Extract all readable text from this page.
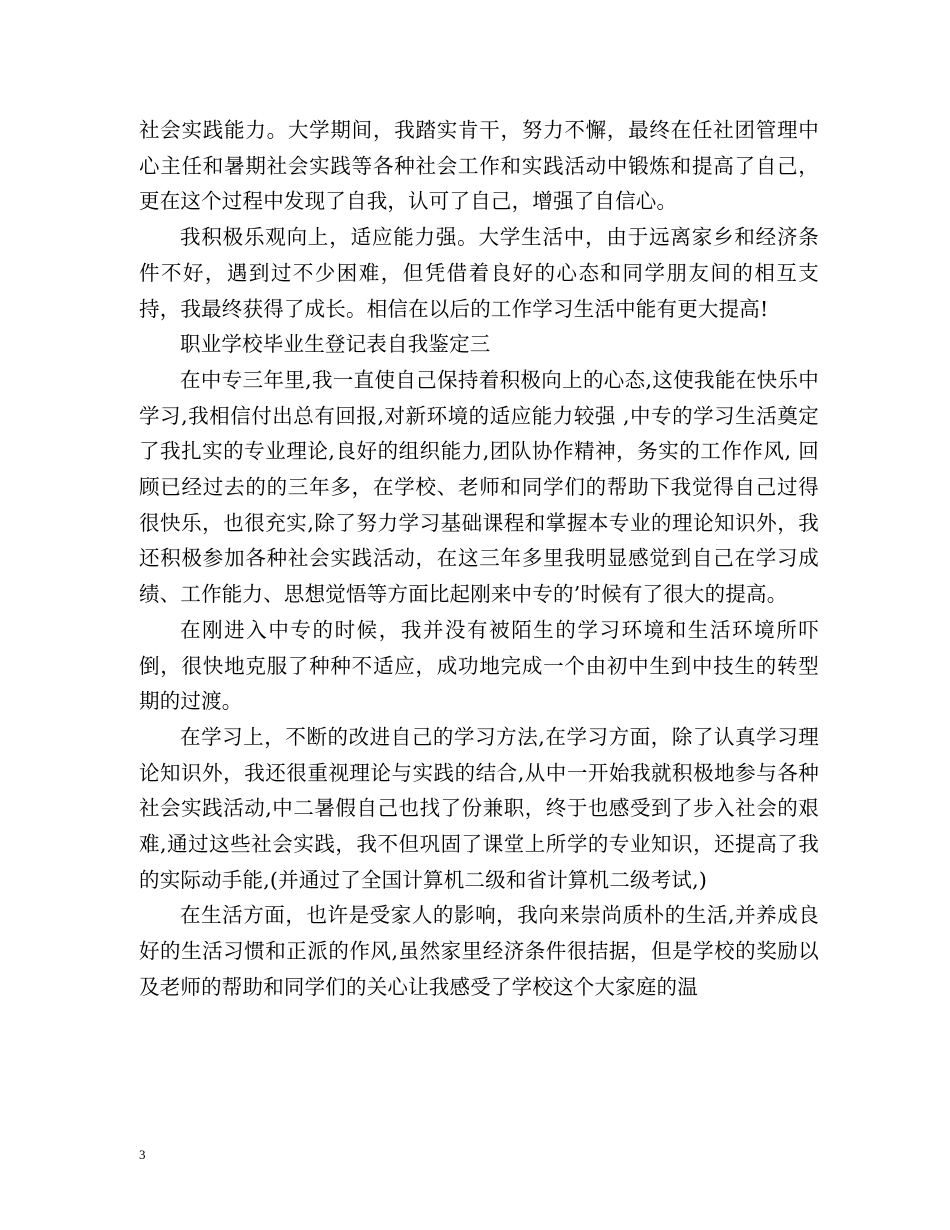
社会实践能力。大学期间，我踏实肯干，努力不懈，最终在任社团管理中心主任和暑期社会实践等各种社会工作和实践活动中锻炼和提高了自己，更在这个过程中发现了自我，认可了自己，增强了自信心。

我积极乐观向上，适应能力强。大学生活中，由于远离家乡和经济条件不好，遇到过不少困难，但凭借着良好的心态和同学朋友间的相互支持，我最终获得了成长。相信在以后的工作学习生活中能有更大提高!

职业学校毕业生登记表自我鉴定三

在中专三年里,我一直使自己保持着积极向上的心态,这使我能在快乐中学习,我相信付出总有回报,对新环境的适应能力较强 ,中专的学习生活奠定了我扎实的专业理论,良好的组织能力,团队协作精神，务实的工作作风, 回顾已经过去的的三年多，在学校、老师和同学们的帮助下我觉得自己过得很快乐，也很充实,除了努力学习基础课程和掌握本专业的理论知识外，我还积极参加各种社会实践活动，在这三年多里我明显感觉到自己在学习成绩、工作能力、思想觉悟等方面比起刚来中专的’时候有了很大的提高。

在刚进入中专的时候，我并没有被陌生的学习环境和生活环境所吓倒，很快地克服了种种不适应，成功地完成一个由初中生到中技生的转型期的过渡。

在学习上，不断的改进自己的学习方法,在学习方面，除了认真学习理论知识外，我还很重视理论与实践的结合,从中一开始我就积极地参与各种社会实践活动,中二暑假自己也找了份兼职，终于也感受到了步入社会的艰难,通过这些社会实践，我不但巩固了课堂上所学的专业知识，还提高了我的实际动手能,(并通过了全国计算机二级和省计算机二级考试,)

在生活方面，也许是受家人的影响，我向来崇尚质朴的生活,并养成良好的生活习惯和正派的作风,虽然家里经济条件很拮据，但是学校的奖励以及老师的帮助和同学们的关心让我感受了学校这个大家庭的温

3
